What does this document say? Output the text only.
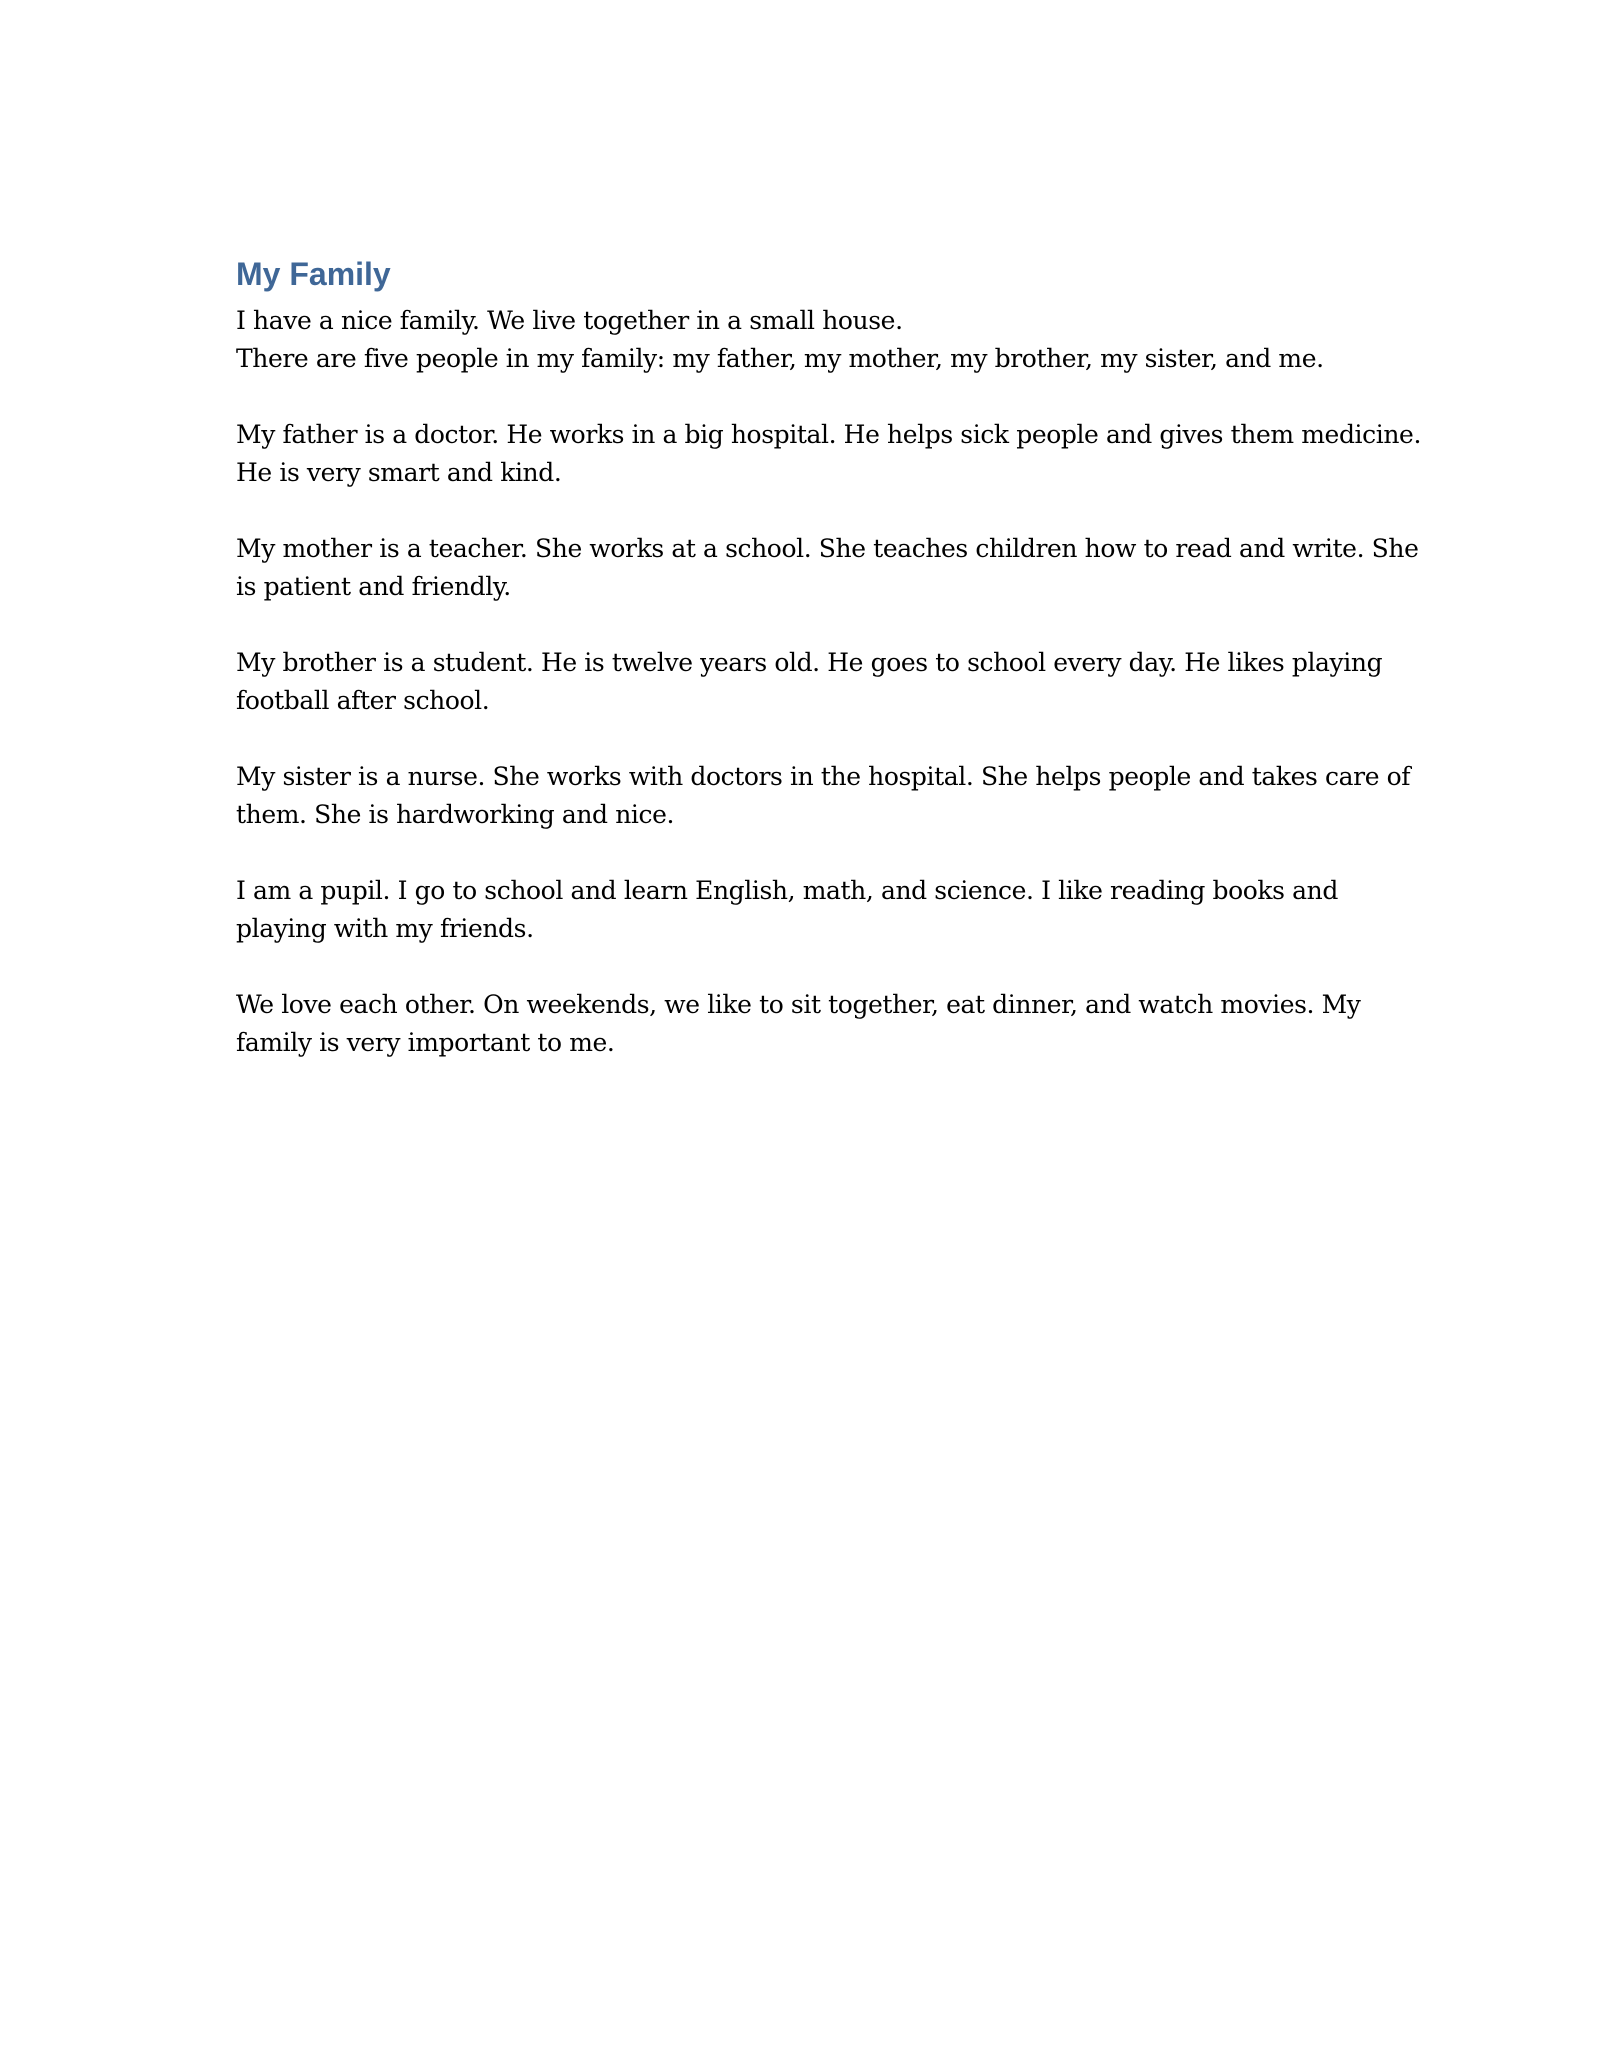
My Family

I have a nice family. We live together in a small house.
There are five people in my family: my father, my mother, my brother, my sister, and me.

My father is a doctor. He works in a big hospital. He helps sick people and gives them medicine.
He is very smart and kind.

My mother is a teacher. She works at a school. She teaches children how to read and write. She
is patient and friendly.

My brother is a student. He is twelve years old. He goes to school every day. He likes playing
football after school.

My sister is a nurse. She works with doctors in the hospital. She helps people and takes care of
them. She is hardworking and nice.

I am a pupil. I go to school and learn English, math, and science. I like reading books and
playing with my friends.

We love each other. On weekends, we like to sit together, eat dinner, and watch movies. My
family is very important to me.
